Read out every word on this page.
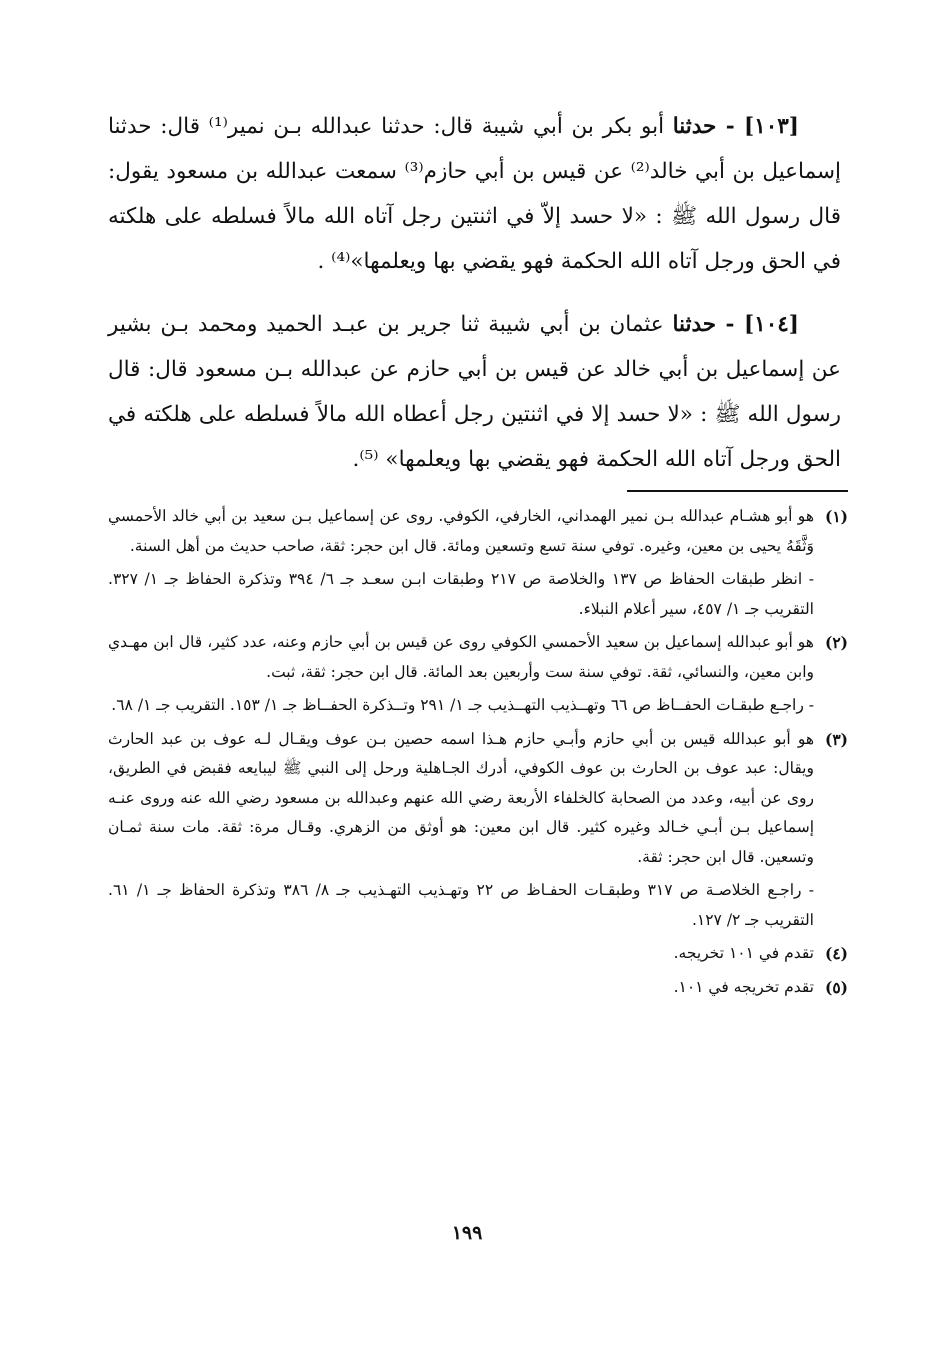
[١٠٣] - حدثنا أبو بكر بن أبي شيبة قال: حدثنا عبدالله بـن نمير⁽¹⁾ قال: حدثنا إسماعيل بن أبي خالد⁽²⁾ عن قيس بن أبي حازم⁽³⁾ سمعت عبدالله بن مسعود يقول: قال رسول الله ﷺ : «لا حسد إلاّ في اثنتين رجل آتاه الله مالاً فسلطه على هلكته في الحق ورجل آتاه الله الحكمة فهو يقضي بها ويعلمها»⁽⁴⁾ .

[١٠٤] - حدثنا عثمان بن أبي شيبة ثنا جرير بن عبـد الحميد ومحمد بـن بشير عن إسماعيل بن أبي خالد عن قيس بن أبي حازم عن عبدالله بـن مسعود قال: قال رسول الله ﷺ : «لا حسد إلا في اثنتين رجل أعطاه الله مالاً فسلطه على هلكته في الحق ورجل آتاه الله الحكمة فهو يقضي بها ويعلمها» ⁽⁵⁾.

(١)
هو أبو هشـام عبدالله بـن نمير الهمداني، الخارفي، الكوفي. روى عن إسماعيل بـن سعيد بن أبي خالد الأحمسي وَثَّقَهُ يحيى بن معين، وغيره. توفي سنة تسع وتسعين ومائة. قال ابن حجر: ثقة، صاحب حديث من أهل السنة.
- انظر طبقات الحفاظ ص ١٣٧ والخلاصة ص ٢١٧ وطبقات ابـن سعـد جـ ٦/ ٣٩٤ وتذكرة الحفاظ جـ ١/ ٣٢٧. التقريب جـ ١/ ٤٥٧، سير أعلام النبلاء.
(٢)
هو أبو عبدالله إسماعيل بن سعيد الأحمسي الكوفي روى عن قيس بن أبي حازم وعنه، عدد كثير، قال ابن مهـدي وابن معين، والنسائي، ثقة. توفي سنة ست وأربعين بعد المائة. قال ابن حجر: ثقة، ثبت.
- راجـع طبقـات الحفــاظ ص ٦٦ وتهــذيب التهــذيب جـ ١/ ٢٩١ وتــذكرة الحفــاظ جـ ١/ ١٥٣. التقريب جـ ١/ ٦٨.
(٣)
هو أبو عبدالله قيس بن أبي حازم وأبـي حازم هـذا اسمه حصين بـن عوف ويقـال لـه عوف بن عبد الحارث ويقال: عبد عوف بن الحارث بن عوف الكوفي، أدرك الجـاهلية ورحل إلى النبي ﷺ ليبايعه فقبض في الطريق، روى عن أبيه، وعدد من الصحابة كالخلفاء الأربعة رضي الله عنهم وعبدالله بن مسعود رضي الله عنه وروى عنـه إسماعيل بـن أبـي خـالد وغيره كثير. قال ابن معين: هو أوثق من الزهري. وقـال مرة: ثقة. مات سنة ثمـان وتسعين. قال ابن حجر: ثقة.
- راجـع الخلاصـة ص ٣١٧ وطبقـات الحفـاظ ص ٢٢ وتهـذيب التهـذيب جـ ٨/ ٣٨٦ وتذكرة الحفاظ جـ ١/ ٦١. التقريب جـ ٢/ ١٢٧.
(٤)
تقدم في ١٠١ تخريجه.
(٥)
تقدم تخريجه في ١٠١.
١٩٩
